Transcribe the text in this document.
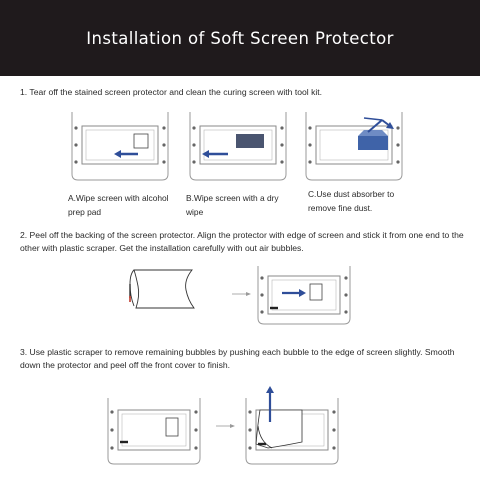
Installation of Soft Screen Protector
1. Tear off the stained screen protector and clean the curing screen with tool kit.
A.Wipe screen with alcohol prep pad
B.Wipe screen with a dry wipe
C.Use dust absorber to remove fine dust.
2. Peel off the backing of the screen protector. Align the protector with edge of screen and stick it from one end to the other with plastic scraper. Get the installation carefully with out air bubbles.
3. Use plastic scraper to remove remaining bubbles by pushing each bubble to the edge of screen slightly. Smooth down the protector and peel off the front cover to finish.
